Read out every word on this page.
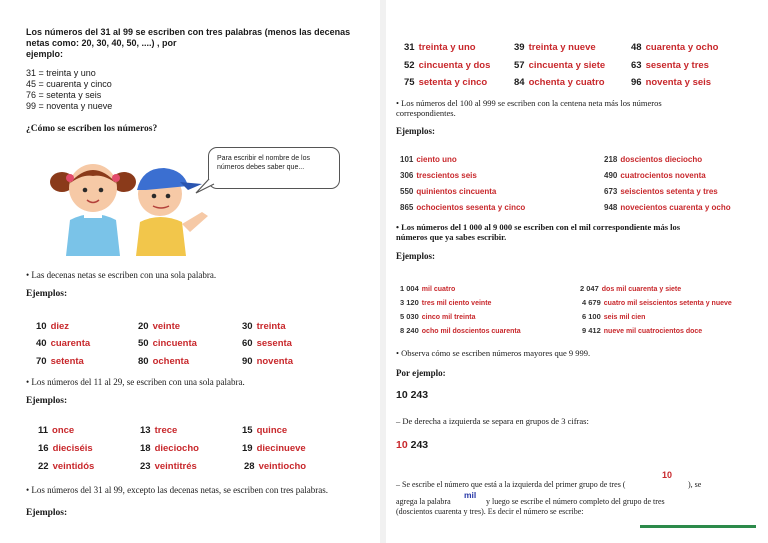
Los números del 31 al 99 se escriben con tres palabras (menos las decenas
netas como: 20, 30, 40, 50, ....) , por
ejemplo:
31 = treinta y uno
45 = cuarenta y cinco
76 = setenta y seis
99 = noventa y nueve
¿Cómo se escriben los números?
Para escribir el nombre de los números debes saber que...
• Las decenas netas se escriben con una sola palabra.
Ejemplos:
10 diez	20 veinte	30 treinta
40 cuarenta	50 cincuenta	60 sesenta
70 setenta	80 ochenta	90 noventa
• Los números del 11 al 29, se escriben con una sola palabra.
Ejemplos:
11 once	13 trece	15 quince
16 dieciséis	18 dieciocho	19 diecinueve
22 veintidós	23 veintitrés	28 veintiocho
• Los números del 31 al 99, excepto las decenas netas, se escriben con tres palabras.
Ejemplos:
31 treinta y uno	39 treinta y nueve	48 cuarenta y ocho
52 cincuenta y dos 57 cincuenta y siete	63 sesenta y tres
75 setenta y cinco	84 ochenta y cuatro	96 noventa y seis
• Los números del 100 al 999 se escriben con la centena neta más los números
correspondientes.
Ejemplos:
101 ciento uno	218 doscientos dieciocho
306 trescientos seis	490 cuatrocientos noventa
550 quinientos cincuenta	673 seiscientos setenta y tres
865 ochocientos sesenta y cinco	948 novecientos cuarenta y ocho
• Los números del 1 000 al 9 000 se escriben con el mil correspondiente más los
números que ya sabes escribir.
Ejemplos:
1 004 mil cuatro	2 047 dos mil cuarenta y siete
3 120 tres mil ciento veinte	4 679 cuatro mil seiscientos setenta y nueve
5 030 cinco mil treinta	6 100 seis mil cien
8 240 ocho mil doscientos cuarenta	9 412 nueve mil cuatrocientos doce
• Observa cómo se escriben números mayores que 9 999.
Por ejemplo:
10 243
– De derecha a izquierda se separa en grupos de 3 cifras:
10 243
10
– Se escribe el número que está a la izquierda del primer grupo de tres (	), se
agrega la palabra
mil
y luego se escribe el número completo del grupo de tres
(doscientos cuarenta y tres). Es decir el número se escribe:
